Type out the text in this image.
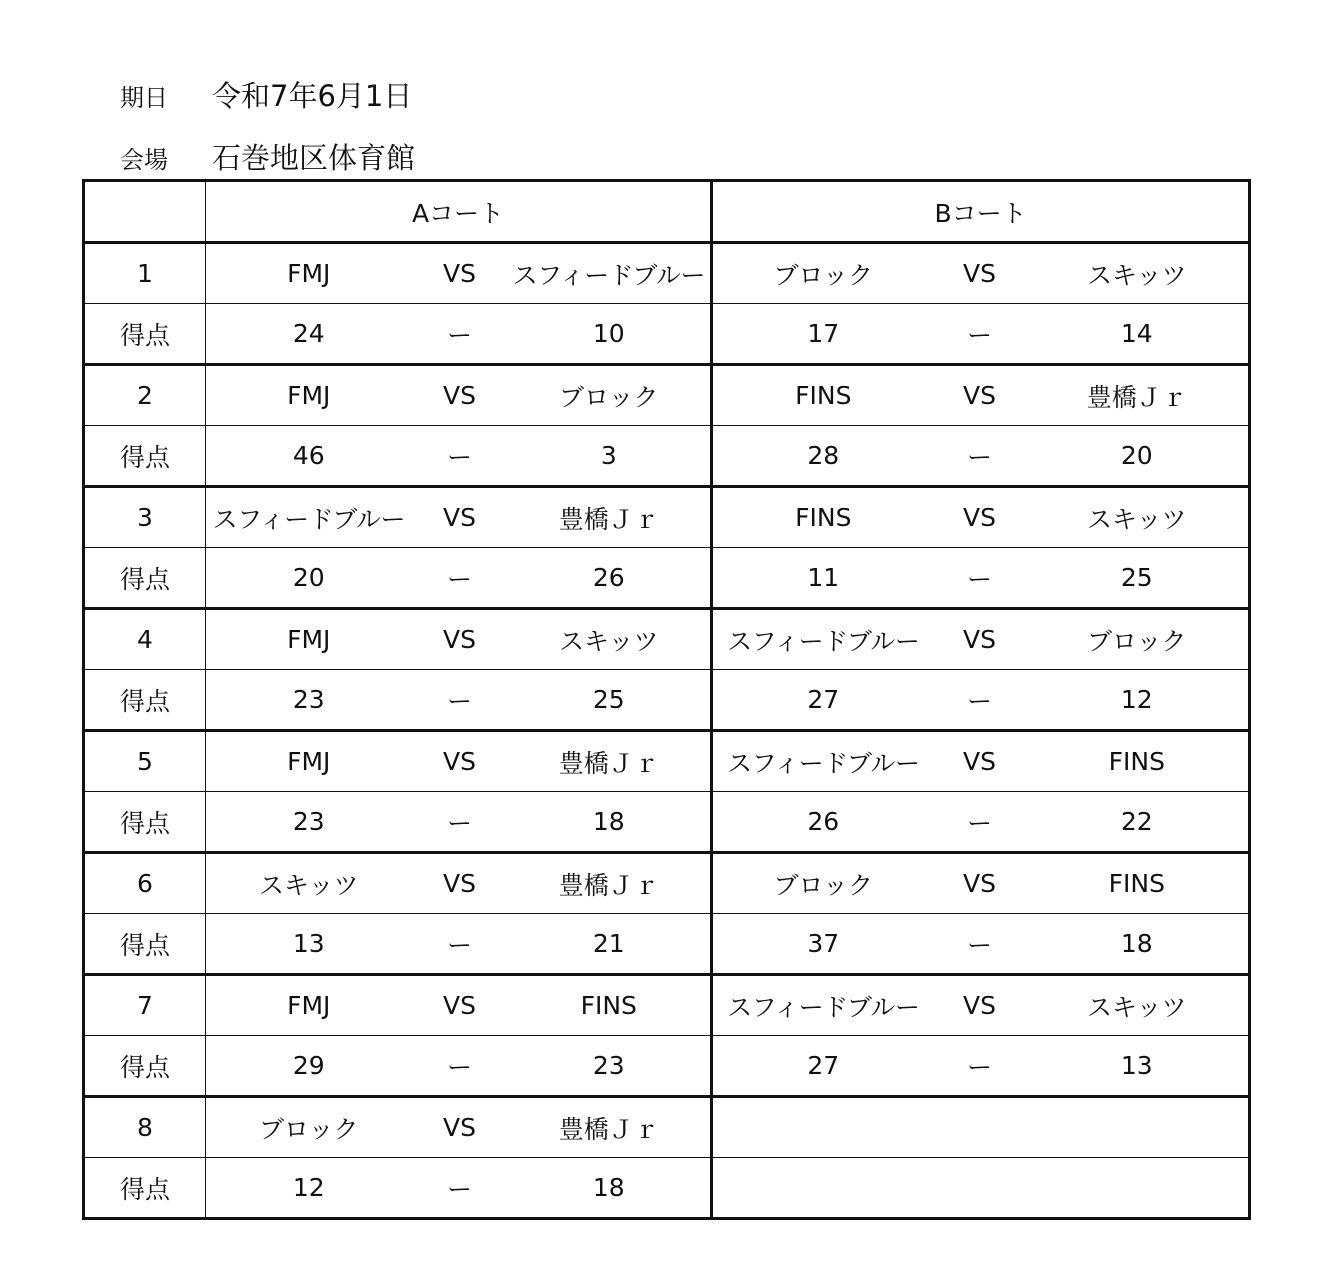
期日	令和7年6月1日
会場	石巻地区体育館
	Aコート			Bコート		
1	FMJ	VS	スフィードブルー	ブロック	VS	スキッツ
得点	24	ー	10	17	ー	14
2	FMJ	VS	ブロック	FINS	VS	豊橋Ｊｒ
得点	46	ー	3	28	ー	20
3	スフィードブルー	VS	豊橋Ｊｒ	FINS	VS	スキッツ
得点	20	ー	26	11	ー	25
4	FMJ	VS	スキッツ	スフィードブルー	VS	ブロック
得点	23	ー	25	27	ー	12
5	FMJ	VS	豊橋Ｊｒ	スフィードブルー	VS	FINS
得点	23	ー	18	26	ー	22
6	スキッツ	VS	豊橋Ｊｒ	ブロック	VS	FINS
得点	13	ー	21	37	ー	18
7	FMJ	VS	FINS	スフィードブルー	VS	スキッツ
得点	29	ー	23	27	ー	13
8	ブロック	VS	豊橋Ｊｒ			
得点	12	ー	18			
